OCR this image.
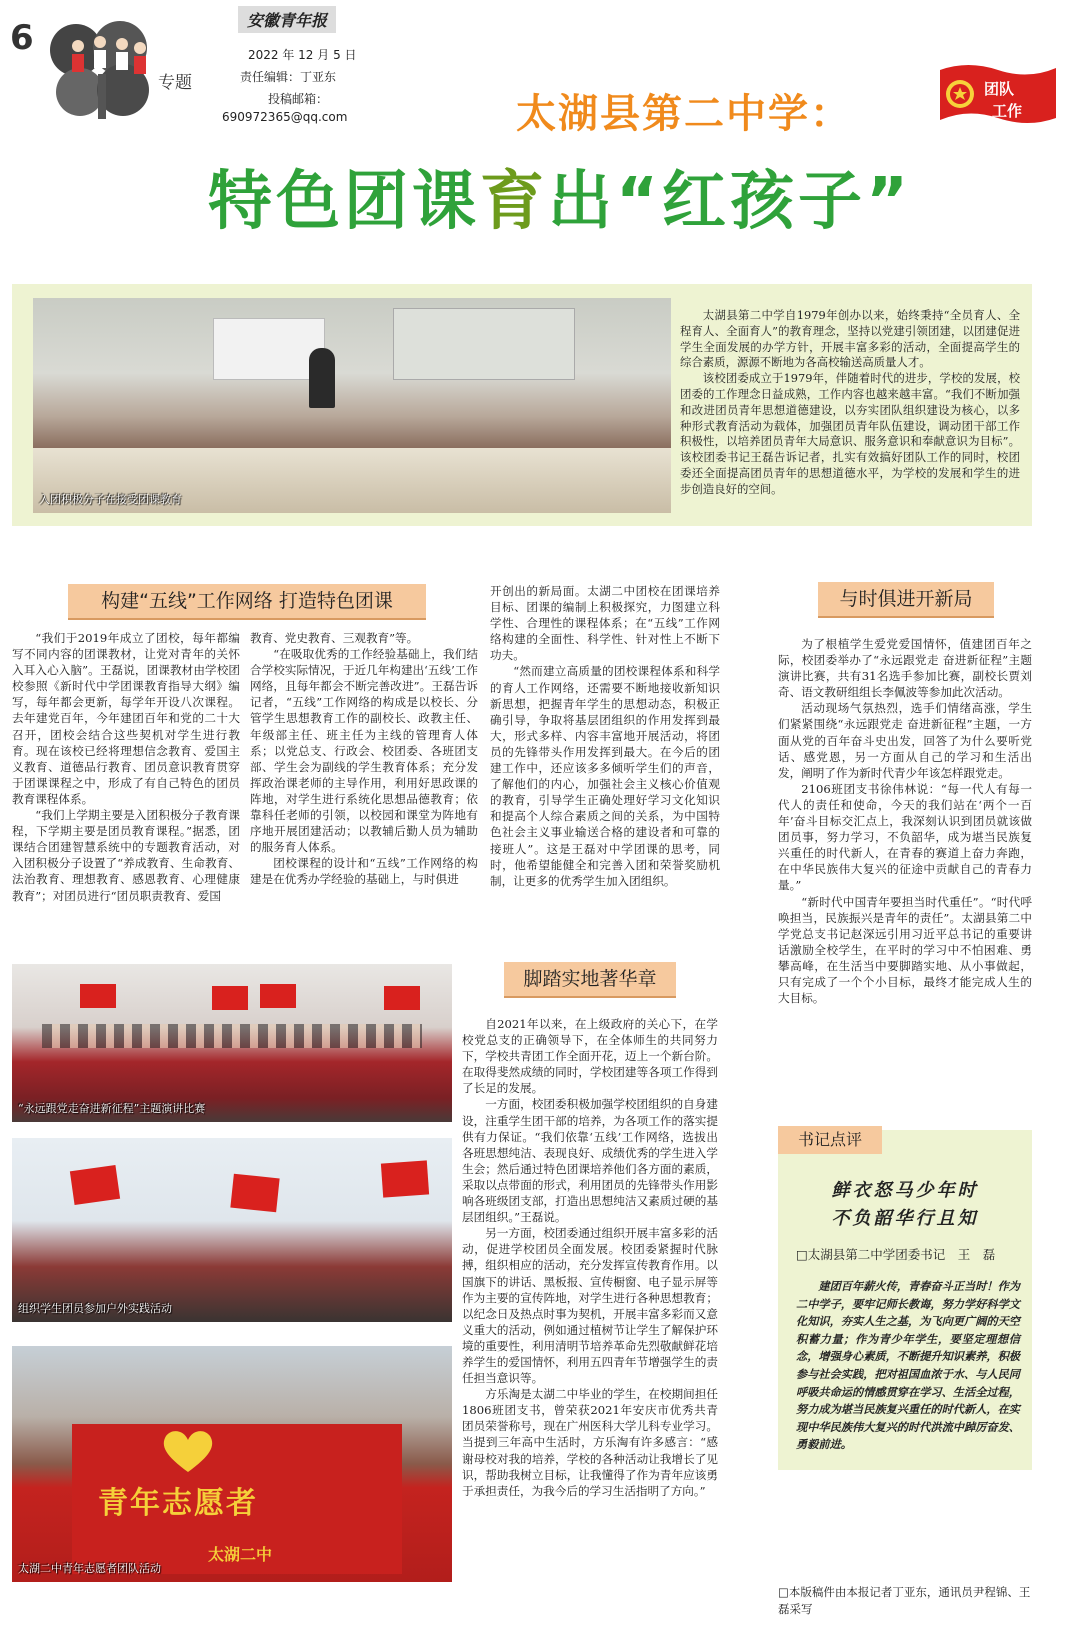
6
专题
安徽青年报
2022 年 12 月 5 日
责任编辑：丁亚东
投稿邮箱：
690972365@qq.com
团队
工作
太湖县第二中学：
特色团课育出“红孩子”
入团积极分子在接受团课教育

太湖县第二中学自1979年创办以来，始终秉持“全员育人、全程育人、全面育人”的教育理念，坚持以党建引领团建，以团建促进学生全面发展的办学方针，开展丰富多彩的活动，全面提高学生的综合素质，源源不断地为各高校输送高质量人才。

该校团委成立于1979年，伴随着时代的进步，学校的发展，校团委的工作理念日益成熟，工作内容也越来越丰富。“我们不断加强和改进团员青年思想道德建设，以夯实团队组织建设为核心，以多种形式教育活动为载体，加强团员青年队伍建设，调动团干部工作积极性，以培养团员青年大局意识、服务意识和奉献意识为目标”。该校团委书记王磊告诉记者，扎实有效搞好团队工作的同时，校团委还全面提高团员青年的思想道德水平，为学校的发展和学生的进步创造良好的空间。

构建“五线”工作网络 打造特色团课

“我们于2019年成立了团校，每年都编写不同内容的团课教材，让党对青年的关怀入耳入心入脑”。王磊说，团课教材由学校团校参照《新时代中学团课教育指导大纲》编写，每年都会更新，每学年开设八次课程。去年建党百年，今年建团百年和党的二十大召开，团校会结合这些契机对学生进行教育。现在该校已经将理想信念教育、爱国主义教育、道德品行教育、团员意识教育贯穿于团课课程之中，形成了有自己特色的团员教育课程体系。

“我们上学期主要是入团积极分子教育课程，下学期主要是团员教育课程。”据悉，团课结合团建智慧系统中的专题教育活动，对入团积极分子设置了“养成教育、生命教育、法治教育、理想教育、感恩教育、心理健康教育”；对团员进行“团员职责教育、爱国

教育、党史教育、三观教育”等。

“在吸取优秀的工作经验基础上，我们结合学校实际情况，于近几年构建出‘五线’工作网络，且每年都会不断完善改进”。王磊告诉记者，“五线”工作网络的构成是以校长、分管学生思想教育工作的副校长、政教主任、年级部主任、班主任为主线的管理育人体系；以党总支、行政会、校团委、各班团支部、学生会为副线的学生教育体系；充分发挥政治课老师的主导作用，利用好思政课的阵地，对学生进行系统化思想品德教育；依靠科任老师的引领，以校园和课堂为阵地有序地开展团建活动；以教辅后勤人员为辅助的服务育人体系。

团校课程的设计和“五线”工作网络的构建是在优秀办学经验的基础上，与时俱进

开创出的新局面。太湖二中团校在团课培养目标、团课的编制上积极探究，力图建立科学性、合理性的课程体系；在“五线”工作网络构建的全面性、科学性、针对性上不断下功夫。

“然而建立高质量的团校课程体系和科学的育人工作网络，还需要不断地接收新知识新思想，把握青年学生的思想动态，积极正确引导，争取将基层团组织的作用发挥到最大，形式多样、内容丰富地开展活动，将团员的先锋带头作用发挥到最大。在今后的团建工作中，还应该多多倾听学生们的声音，了解他们的内心，加强社会主义核心价值观的教育，引导学生正确处理好学习文化知识和提高个人综合素质之间的关系，为中国特色社会主义事业输送合格的建设者和可靠的接班人”。这是王磊对中学团课的思考，同时，他希望能健全和完善入团和荣誉奖励机制，让更多的优秀学生加入团组织。

与时俱进开新局

为了根植学生爱党爱国情怀，值建团百年之际，校团委举办了“永远跟党走 奋进新征程”主题演讲比赛，共有31名选手参加比赛，副校长贾刘奇、语文教研组组长李佩波等参加此次活动。

活动现场气氛热烈，选手们情绪高涨，学生们紧紧围绕“永远跟党走 奋进新征程”主题，一方面从党的百年奋斗史出发，回答了为什么要听党话、感党恩，另一方面从自己的学习和生活出发，阐明了作为新时代青少年该怎样跟党走。

2106班团支书徐伟林说：“每一代人有每一代人的责任和使命，今天的我们站在‘两个一百年’奋斗目标交汇点上，我深刻认识到团员就该做团员事，努力学习，不负韶华，成为堪当民族复兴重任的时代新人，在青春的赛道上奋力奔跑，在中华民族伟大复兴的征途中贡献自己的青春力量。”

“新时代中国青年要担当时代重任”。“时代呼唤担当，民族振兴是青年的责任”。太湖县第二中学党总支书记赵深远引用习近平总书记的重要讲话激励全校学生，在平时的学习中不怕困难、勇攀高峰，在生活当中要脚踏实地、从小事做起，只有完成了一个个小目标，最终才能完成人生的大目标。

“永远跟党走奋进新征程”主题演讲比赛
组织学生团员参加户外实践活动
青年志愿者
太湖二中
太湖二中青年志愿者团队活动
脚踏实地著华章

自2021年以来，在上级政府的关心下，在学校党总支的正确领导下，在全体师生的共同努力下，学校共青团工作全面开花，迈上一个新台阶。在取得斐然成绩的同时，学校团建等各项工作得到了长足的发展。

一方面，校团委积极加强学校团组织的自身建设，注重学生团干部的培养，为各项工作的落实提供有力保证。“我们依靠‘五线’工作网络，选拔出各班思想纯洁、表现良好、成绩优秀的学生进入学生会；然后通过特色团课培养他们各方面的素质，采取以点带面的形式，利用团员的先锋带头作用影响各班级团支部，打造出思想纯洁又素质过硬的基层团组织。”王磊说。

另一方面，校团委通过组织开展丰富多彩的活动，促进学校团员全面发展。校团委紧握时代脉搏，组织相应的活动，充分发挥宣传教育作用。以国旗下的讲话、黑板报、宣传橱窗、电子显示屏等作为主要的宣传阵地，对学生进行各种思想教育；以纪念日及热点时事为契机，开展丰富多彩而又意义重大的活动，例如通过植树节让学生了解保护环境的重要性，利用清明节培养革命先烈敬献鲜花培养学生的爱国情怀，利用五四青年节增强学生的责任担当意识等。

方乐淘是太湖二中毕业的学生，在校期间担任1806班团支书，曾荣获2021年安庆市优秀共青团员荣誉称号，现在广州医科大学儿科专业学习。当提到三年高中生活时，方乐淘有许多感言：“感谢母校对我的培养，学校的各种活动让我增长了见识，帮助我树立目标，让我懂得了作为青年应该勇于承担责任，为我今后的学习生活指明了方向。”

书记点评
鲜衣怒马少年时
不负韶华行且知
□太湖县第二中学团委书记　王　磊

建团百年薪火传，青春奋斗正当时！作为二中学子，要牢记师长教诲，努力学好科学文化知识，夯实人生之基，为飞向更广阔的天空积蓄力量；作为青少年学生，要坚定理想信念，增强身心素质，不断提升知识素养，积极参与社会实践，把对祖国血浓于水、与人民同呼吸共命运的情感贯穿在学习、生活全过程，努力成为堪当民族复兴重任的时代新人，在实现中华民族伟大复兴的时代洪流中踔厉奋发、勇毅前进。

□本版稿件由本报记者丁亚东，通讯员尹程锦、王磊采写
